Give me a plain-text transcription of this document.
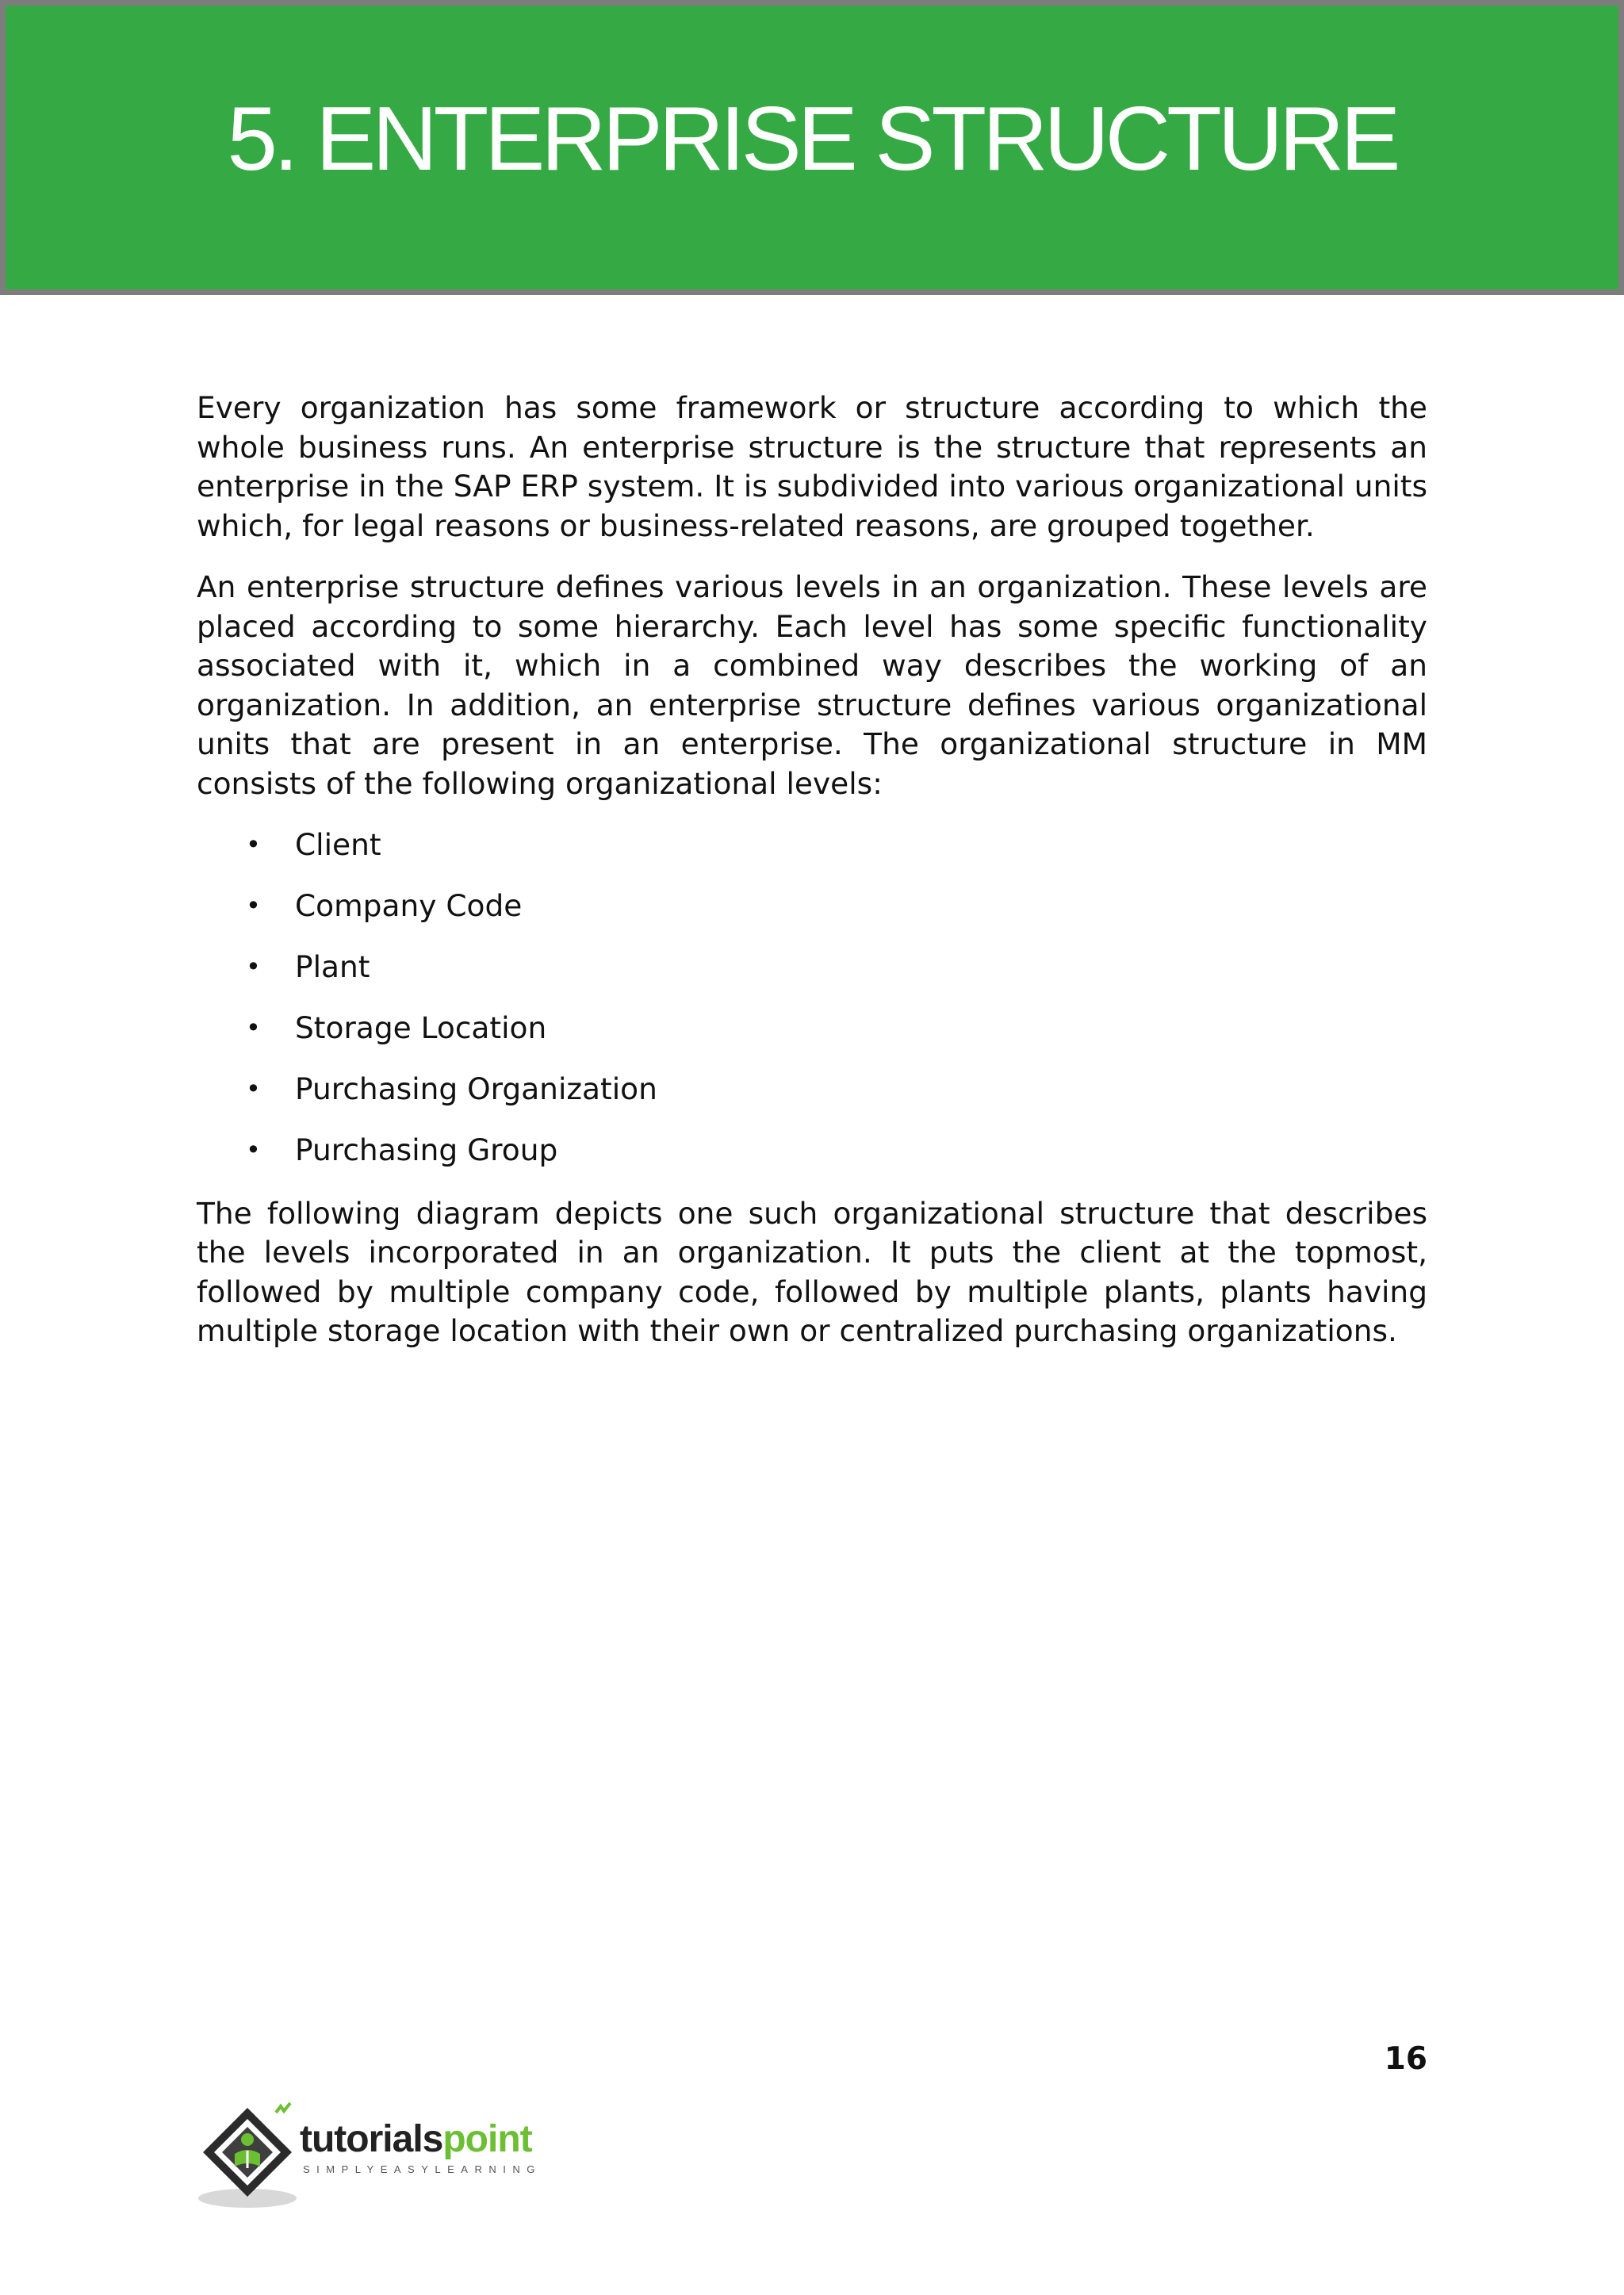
5. ENTERPRISE STRUCTURE

Every organization has some framework or structure according to which the whole business runs. An enterprise structure is the structure that represents an enterprise in the SAP ERP system. It is subdivided into various organizational units which, for legal reasons or business-related reasons, are grouped together.

An enterprise structure defines various levels in an organization. These levels are placed according to some hierarchy. Each level has some specific functionality associated with it, which in a combined way describes the working of an organization. In addition, an enterprise structure defines various organizational units that are present in an enterprise. The organizational structure in MM consists of the following organizational levels:

• Client
• Company Code
• Plant
• Storage Location
• Purchasing Organization
• Purchasing Group

The following diagram depicts one such organizational structure that describes the levels incorporated in an organization. It puts the client at the topmost, followed by multiple company code, followed by multiple plants, plants having multiple storage location with their own or centralized purchasing organizations.

16
tutorialspoint
SIMPLYEASYLEARNING
